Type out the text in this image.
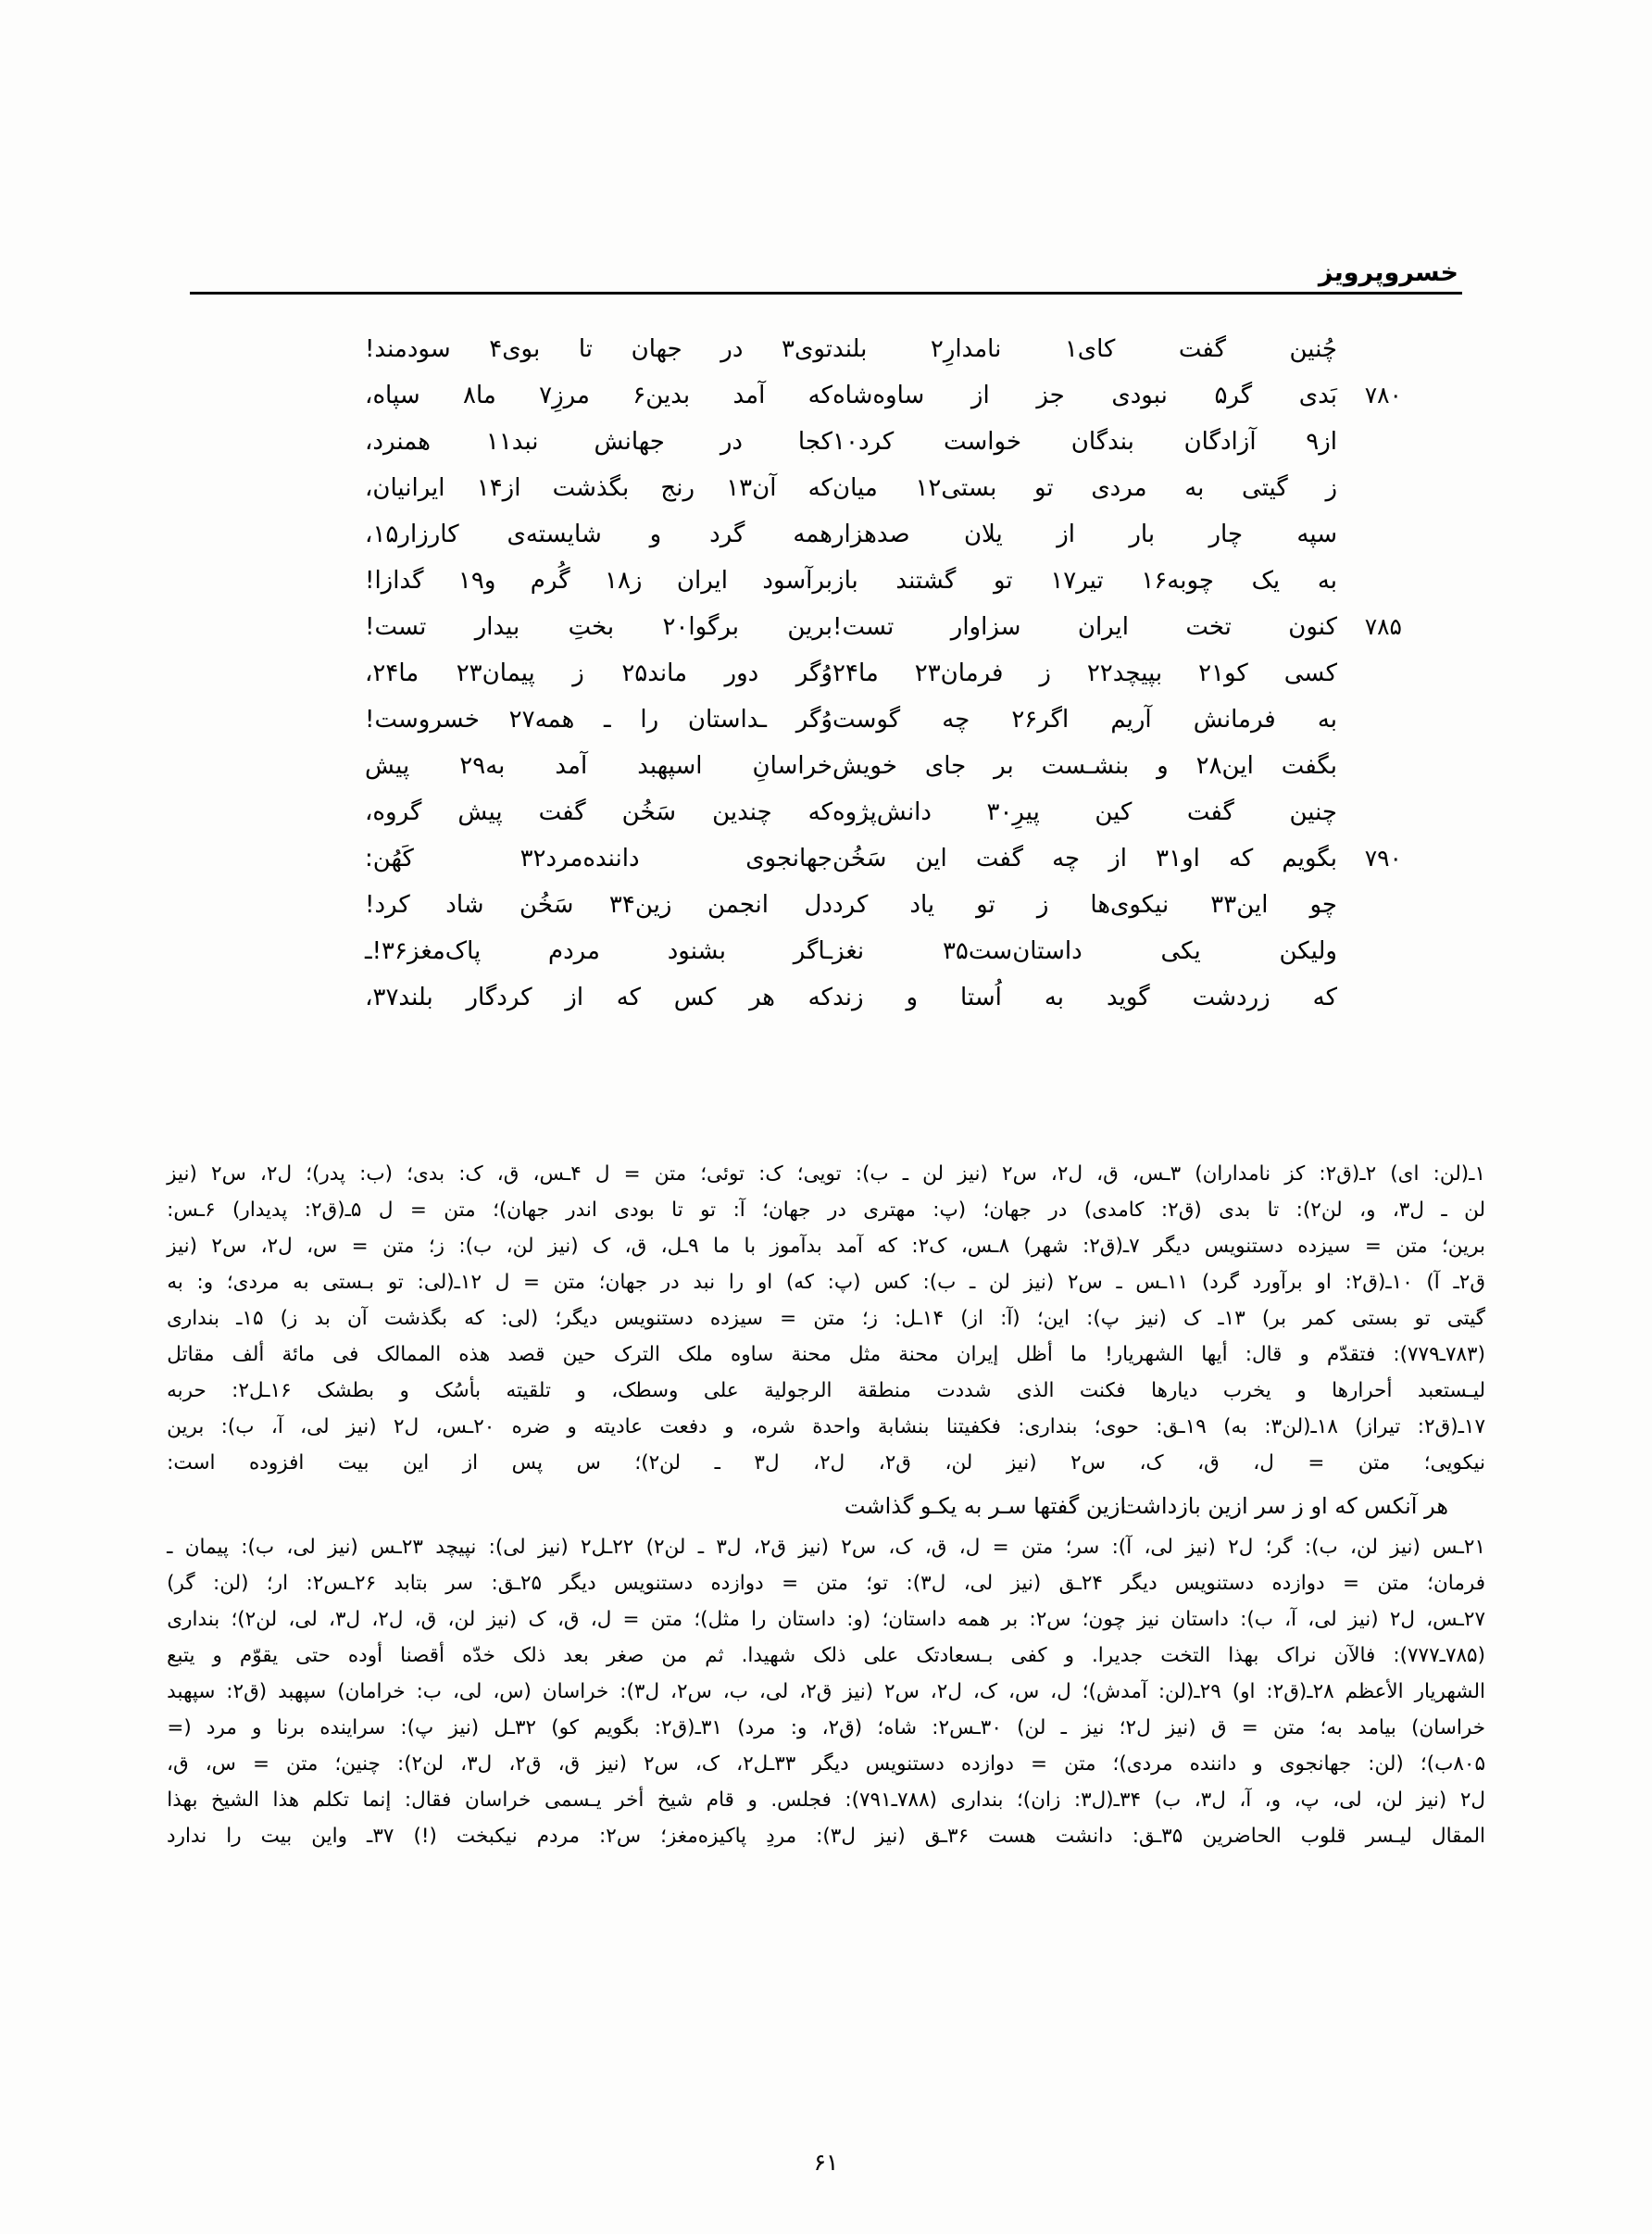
خسروپرویز
چُنین
گفت
کای۱
نامدارِ۲
بلند
توی۳
در
جهان
تا
بوی۴
سودمند!
۷۸۰
بَدی
گر۵
نبودی
جز
از
ساوه‌شاه
که
آمد
بدین۶
مرزِ۷
ما۸
سپاه،
از۹
آزادگان
بندگان
خواست
کرد۱۰
کجا
در
جهانش
نبد۱۱
همنرد،
ز
گیتی
به
مردی
تو
بستی۱۲
میان
که
آن۱۳
رنج
بگذشت
از۱۴
ایرانیان،
سپه
چار
بار
از
یلان
صدهزار
همه
گرد
و
شایسته‌ی
کارزار۱۵،
به
یک
چوبه۱۶
تیر۱۷
تو
گشتند
باز
برآسود
ایران
ز۱۸
گُرم
و۱۹
گدازا!
۷۸۵
کنون
تخت
ایران
سزاوار
تست!
برین
برگوا۲۰
بختِ
بیدار
تست!
کسی
کو۲۱
بپیچد۲۲
ز
فرمان۲۳
ما۲۴
وُگر
دور
ماند۲۵
ز
پیمان۲۳
ما۲۴،
به
فرمانش
آریم
اگر۲۶
چه
گوست
وُگر
ـداستان
را
ـ
همه۲۷
خسروست!
بگفت
این۲۸
و
بنشـست
بر
جای
خویش
خراسانِ
اسپهبد
آمد
به۲۹
پیش
چنین
گفت
کین
پیرِ۳۰
دانش‌پژوه
که
چندین
سَخُن
گفت
پیش
گروه،
۷۹۰
بگویم
که
او۳۱
از
چه
گفت
این
سَخُن
جهانجوی
داننده‌مرد۳۲
کَهُن:
چو
این۳۳
نیکوی‌ها
ز
تو
یاد
کرد
دل
انجمن
زین۳۴
سَخُن
شاد
کرد!
ولیکن
یکی
داستان‌ست۳۵
نغز
ـاگر
بشنود
مردم
پاک‌مغز۳۶!ـ
که
زردشت
گوید
به
اُستا
و
زند
که
هر
کس
که
از
کردگار
بلند۳۷،
۱ـ(لن:
ای)
۲ـ(ق۲:
کز
نامداران)
۳ـس،
ق،
ل۲،
س۲
(نیز
لن
ـ
ب):
تویی؛
ک:
توئی؛
متن
=
ل
۴ـس،
ق،
ک:
بدی؛
(ب:
پدر)؛
ل۲،
س۲
(نیز
لن
ـ
ل۳،
و،
لن۲):
تا
بدی
(ق۲:
کامدی)
در
جهان؛
(پ:
مهتری
در
جهان؛
آ:
تو
تا
بودی
اندر
جهان)؛
متن
=
ل
۵ـ(ق۲:
پدیدار)
۶ـس:
برین؛
متن
=
سیزده
دستنویس
دیگر
۷ـ(ق۲:
شهر)
۸ـس،
ک۲:
که
آمد
بدآموز
با
ما
۹ـل،
ق،
ک
(نیز
لن،
ب):
ز؛
متن
=
س،
ل۲،
س۲
(نیز
ق۲ـ
آ)
۱۰ـ(ق۲:
او
برآورد
گرد)
۱۱ـس
ـ
س۲
(نیز
لن
ـ
ب):
کس
(پ:
که)
او
را
نبد
در
جهان؛
متن
=
ل
۱۲ـ(لی:
تو
بـستی
به
مردی؛
و:
به
گیتی
تو
بستی
کمر
بر)
۱۳ـ
ک
(نیز
پ):
این؛
(آ:
از)
۱۴ـل:
ز؛
متن
=
سیزده
دستنویس
دیگر؛
(لی:
که
بگذشت
آن
بد
ز)
۱۵ـ
بنداری
(۷۸۳ـ۷۷۹):
فتقدّم
و
قال:
أیها
الشهریار!
ما
أظل
إیران
محنة
مثل
محنة
ساوه
ملک
الترک
حین
قصد
هذه
الممالک
فی
مائة
ألف
مقاتل
لیـستعبد
أحرارها
و
یخرب
دیارها
فکنت
الذی
شددت
منطقة
الرجولیة
علی
وسطک،
و
تلقیته
بأسُک
و
بطشک
۱۶ـل۲:
حربه
۱۷ـ(ق۲:
تیراز)
۱۸ـ(لن۳:
به)
۱۹ـق:
حوی؛
بنداری:
فکفیتنا
بنشابة
واحدة
شره،
و
دفعت
عادیته
و
ضره
۲۰ـس،
ل۲
(نیز
لی،
آ،
ب):
برین
نیکویی؛
متن
=
ل،
ق،
ک،
س۲
(نیز
لن،
ق۲،
ل۲،
ل۳
ـ
لن۲)؛
س
پس
از
این
بیت
افزوده
است:
هر آنکس که او ز سر ازین بازداشت
ازین گفتها سـر به یکـو گذاشت
۲۱ـس
(نیز
لن،
ب):
گر؛
ل۲
(نیز
لی،
آ):
سر؛
متن
=
ل،
ق،
ک،
س۲
(نیز
ق۲،
ل۳
ـ
لن۲)
۲۲ـل۲
(نیز
لی):
نپیچد
۲۳ـس
(نیز
لی،
ب):
پیمان
ـ
فرمان؛
متن
=
دوازده
دستنویس
دیگر
۲۴ـق
(نیز
لی،
ل۳):
تو؛
متن
=
دوازده
دستنویس
دیگر
۲۵ـق:
سر
بتابد
۲۶ـس۲:
ار؛
(لن:
گر)
۲۷ـس،
ل۲
(نیز
لی،
آ،
ب):
داستان
نیز
چون؛
س۲:
بر
همه
داستان؛
(و:
داستان
را
مثل)؛
متن
=
ل،
ق،
ک
(نیز
لن،
ق،
ل۲،
ل۳،
لی،
لن۲)؛
بنداری
(۷۸۵ـ۷۷۷):
فالآن
نراک
بهذا
التخت
جدیرا.
و
کفی
بـسعادتک
علی
ذلک
شهیدا.
ثم
من
صغر
بعد
ذلک
خدّه
أقصنا
أوده
حتی
یقوّم
و
یتبع
الشهریار
الأعظم
۲۸ـ(ق۲:
او)
۲۹ـ(لن:
آمدش)؛
ل،
س،
ک،
ل۲،
س۲
(نیز
ق۲،
لی،
ب،
س۲،
ل۳):
خراسان
(س،
لی،
ب:
خرامان)
سپهبد
(ق۲:
سپهبد
خراسان)
بیامد
به؛
متن
=
ق
(نیز
ل۲؛
نیز
ـ
لن)
۳۰ـس۲:
شاه؛
(ق۲،
و:
مرد)
۳۱ـ(ق۲:
بگویم
کو)
۳۲ـل
(نیز
پ):
سراینده
برنا
و
مرد
(=
۸۰۵ب)؛
(لن:
جهانجوی
و
داننده
مردی)؛
متن
=
دوازده
دستنویس
دیگر
۳۳ـل۲،
ک،
س۲
(نیز
ق،
ق۲،
ل۳،
لن۲):
چنین؛
متن
=
س،
ق،
ل۲
(نیز
لن،
لی،
پ،
و،
آ،
ل۳،
ب)
۳۴ـ(ل۳:
زان)؛
بنداری
(۷۸۸ـ۷۹۱):
فجلس.
و
قام
شیخ
أخر
یـسمی
خراسان
فقال:
إنما
تکلم
هذا
الشیخ
بهذا
المقال
لیـسر
قلوب
الحاضرین
۳۵ـق:
دانشت
هست
۳۶ـق
(نیز
ل۳):
مردِ
پاکیزه‌مغز؛
س۲:
مردم
نیکبخت
(!)
۳۷ـ
واین
بیت
را
ندارد
۶۱
